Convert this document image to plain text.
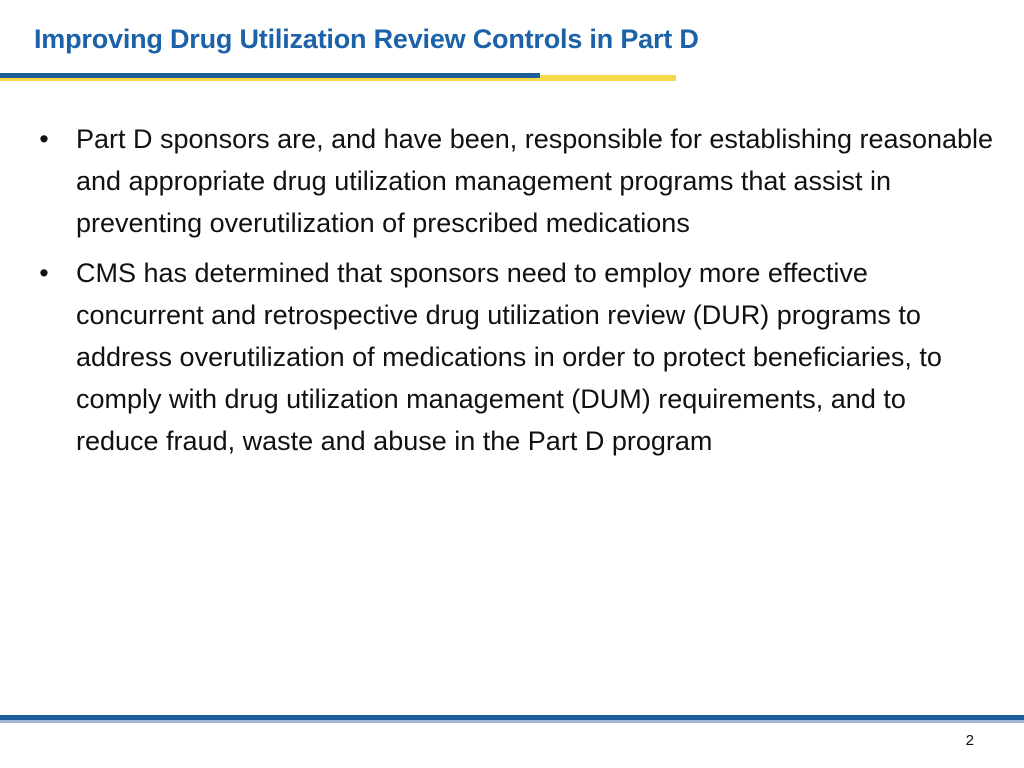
Improving Drug Utilization Review Controls in Part D
• Part D sponsors are, and have been, responsible for establishing reasonable and appropriate drug utilization management programs that assist in preventing overutilization of prescribed medications
• CMS has determined that sponsors need to employ more effective concurrent and retrospective drug utilization review (DUR) programs to address overutilization of medications in order to protect beneficiaries, to comply with drug utilization management (DUM) requirements, and to reduce fraud, waste and abuse in the Part D program
2
